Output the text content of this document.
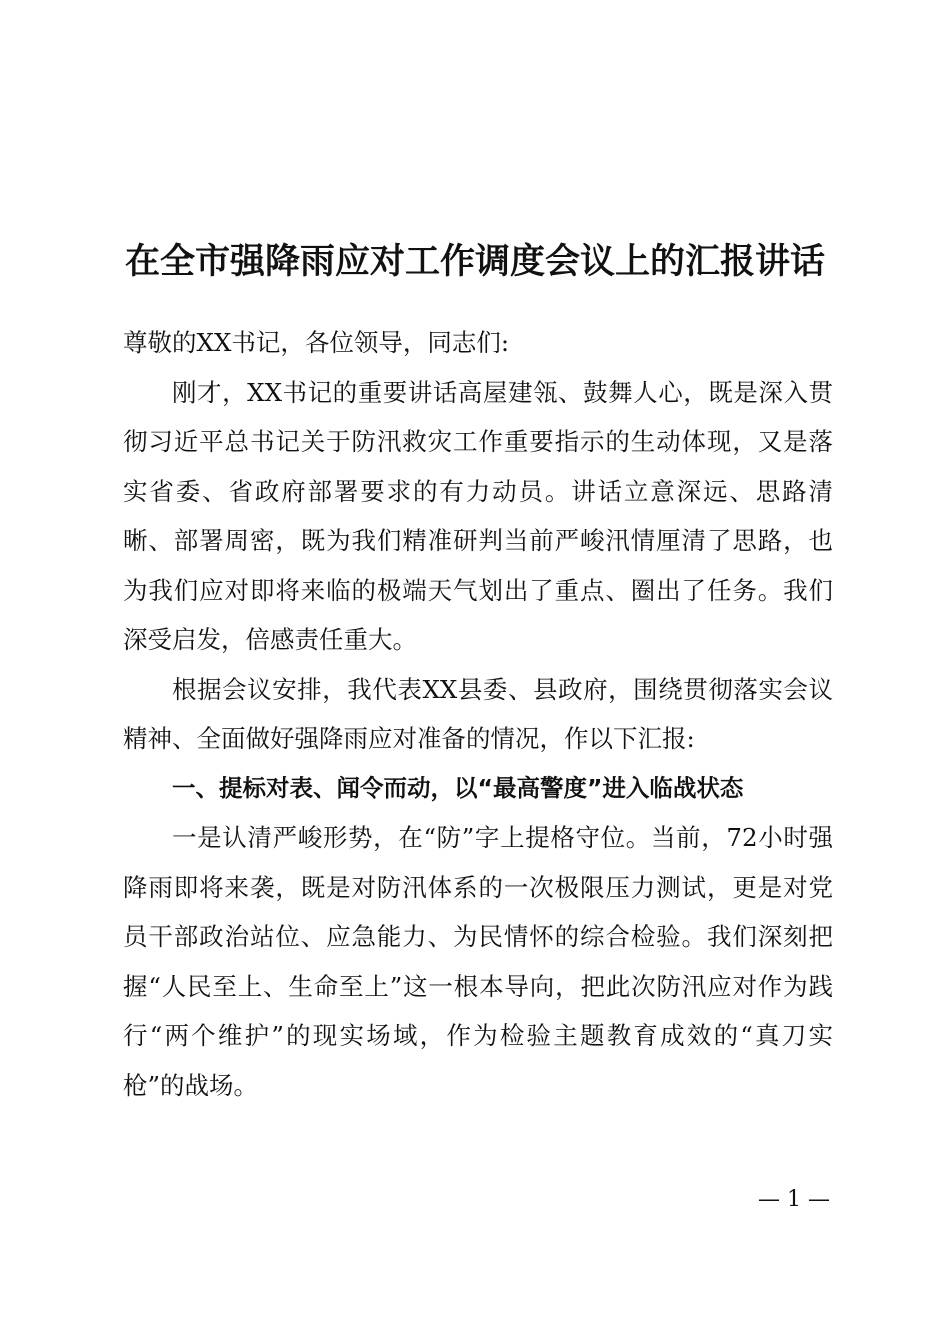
在全市强降雨应对工作调度会议上的汇报讲话

尊敬的XX书记，各位领导，同志们:

刚才，XX书记的重要讲话高屋建瓴、鼓舞人心，既是深入贯彻习近平总书记关于防汛救灾工作重要指示的生动体现，又是落实省委、省政府部署要求的有力动员。讲话立意深远、思路清晰、部署周密，既为我们精准研判当前严峻汛情厘清了思路，也为我们应对即将来临的极端天气划出了重点、圈出了任务。我们深受启发，倍感责任重大。

根据会议安排，我代表XX县委、县政府，围绕贯彻落实会议精神、全面做好强降雨应对准备的情况，作以下汇报:

一、提标对表、闻令而动，以“最高警度”进入临战状态

一是认清严峻形势，在“防”字上提格守位。当前，72小时强降雨即将来袭，既是对防汛体系的一次极限压力测试，更是对党员干部政治站位、应急能力、为民情怀的综合检验。我们深刻把握“人民至上、生命至上”这一根本导向，把此次防汛应对作为践行“两个维护”的现实场域，作为检验主题教育成效的“真刀实枪”的战场。

— 1 —
